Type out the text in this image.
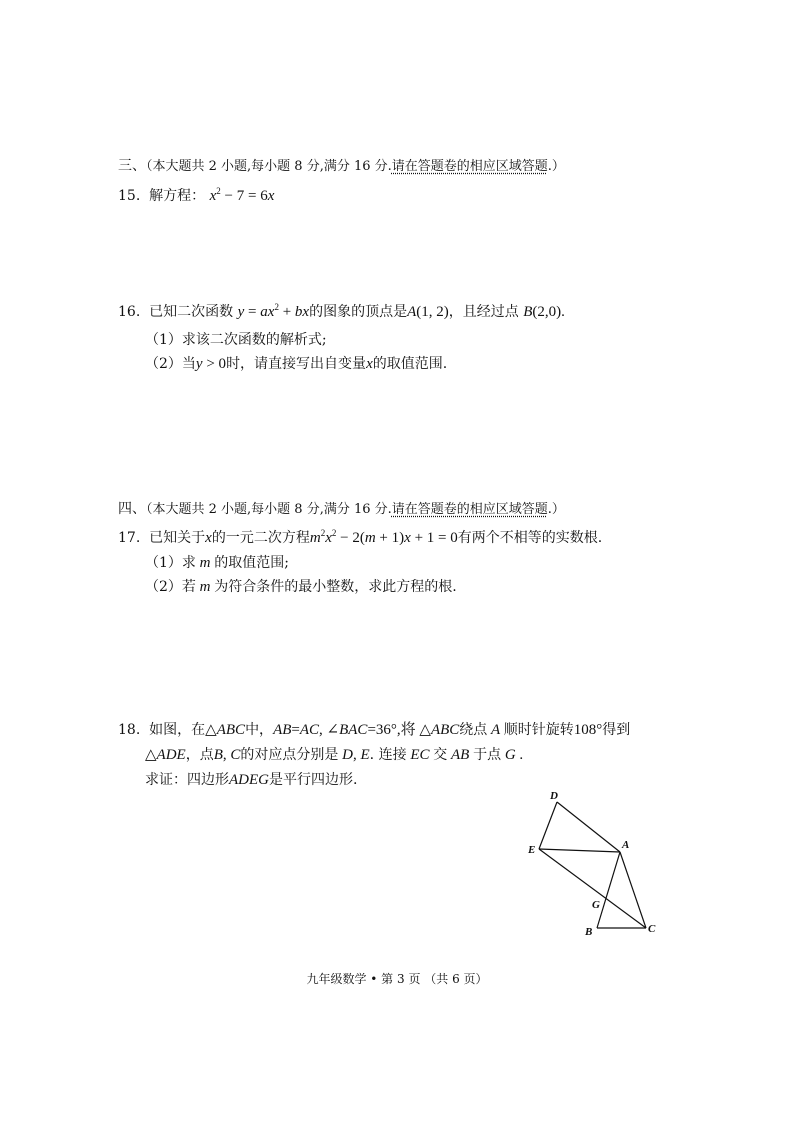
三、（本大题共 2 小题,每小题 8 分,满分 16 分.请在答题卷的相应区域答题.）
15. 解方程： $x^2 - 7 = 6x$
16. 已知二次函数 $y = ax^2$ + bx的图象的顶点是A(1, 2)，且经过点 B(2,0).
（1）求该二次函数的解析式;
（2）当y > 0时，请直接写出自变量x的取值范围.
四、（本大题共 2 小题,每小题 8 分,满分 16 分.请在答题卷的相应区域答题.）
17. 已知关于x的一元二次方程$m^2x^2 - 2(m + 1)x + 1 = 0$有两个不相等的实数根.
（1）求 m 的取值范围;
（2）若 m 为符合条件的最小整数，求此方程的根.
18. 如图，在△ABC中，AB=AC, ∠BAC=36°,将 △ABC绕点 A 顺时针旋转108°得到
△ADE，点B, C的对应点分别是 D, E. 连接 EC 交 AB 于点 G .
求证：四边形ADEG是平行四边形.
D
E	A
G
B	C
九年级数学 • 第 3 页 （共 6 页）
